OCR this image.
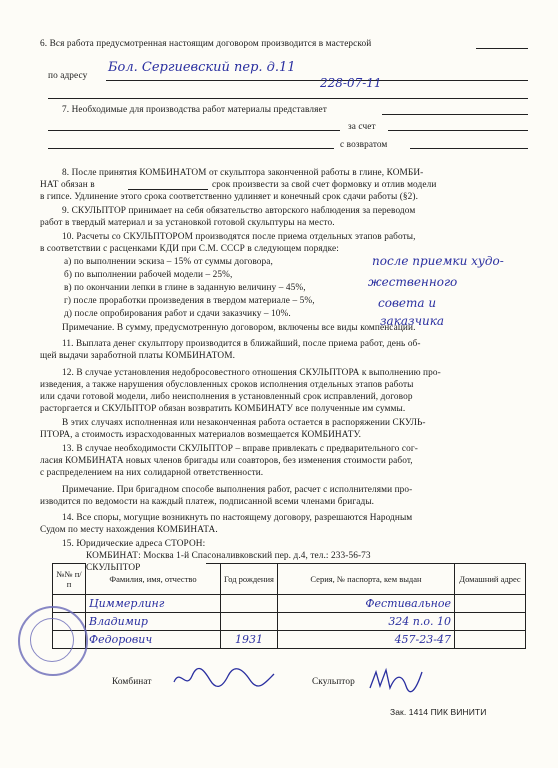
6. Вся работа предусмотренная настоящим договором производится в мастерской
по адресу
Бол. Сергиевский пер. д.11
228-07-11
7. Необходимые для производства работ материалы представляет
за счет
с возвратом
8. После принятия КОМБИНАТОМ от скульптора законченной работы в глине, КОМБИ-
НАТ обязан в	срок произвести за свой счет формовку и отлив модели
в гипсе. Удлинение этого срока соответственно удлиняет и конечный срок сдачи работы (§2).
9. СКУЛЬПТОР принимает на себя обязательство авторского наблюдения за переводом
работ в твердый материал и за установкой готовой скульптуры на место.
10. Расчеты со СКУЛЬПТОРОМ производятся после приема отдельных этапов работы,
в соответствии с расценками КДИ при С.М. СССР в следующем порядке:
а) по выполнении эскиза – 15% от суммы договора,
б) по выполнении рабочей модели – 25%,
в) по окончании лепки в глине в заданную величину – 45%,
г) после проработки произведения в твердом материале – 5%,
д) после опробирования работ и сдачи заказчику – 10%.
после приемки худо-
жественного
совета и
заказчика
Примечание. В сумму, предусмотренную договором, включены все виды компенсации.
11. Выплата денег скульптору производится в ближайший, после приема работ, день об-
щей выдачи заработной платы КОМБИНАТОМ.
12. В случае установления недобросовестного отношения СКУЛЬПТОРА к выполнению про-
изведения, а также нарушения обусловленных сроков исполнения отдельных этапов работы
или сдачи готовой модели, либо неисполнения в установленный срок исправлений, договор
расторгается и СКУЛЬПТОР обязан возвратить КОМБИНАТУ все полученные им суммы.
В этих случаях исполненная или незаконченная работа остается в распоряжении СКУЛЬ-
ПТОРА, а стоимость израсходованных материалов возмещается КОМБИНАТУ.
13. В случае необходимости СКУЛЬПТОР – вправе привлекать с предварительного сог-
ласия КОМБИНАТА новых членов бригады или соавторов, без изменения стоимости работ,
с распределением на них солидарной ответственности.
Примечание. При бригадном способе выполнения работ, расчет с исполнителями про-
изводится по ведомости на каждый платеж, подписанной всеми членами бригады.
14. Все споры, могущие возникнуть по настоящему договору, разрешаются Народным
Судом по месту нахождения КОМБИНАТА.
15. Юридические адреса СТОРОН:
КОМБИНАТ: Москва 1-й Спасоналивковский пер. д.4, тел.: 233-56-73
№№ п/п	Фамилия, имя, отчество	Год рождения	Серия, № паспорта, кем выдан	Домашний адрес
	Циммерлинг		Фестивальное	
	Владимир		324 п.о. 10	
	Федорович	1931	457-23-47	
СКУЛЬПТОР
Комбинат	Скульптор
Зак. 1414 ПИК ВИНИТИ
